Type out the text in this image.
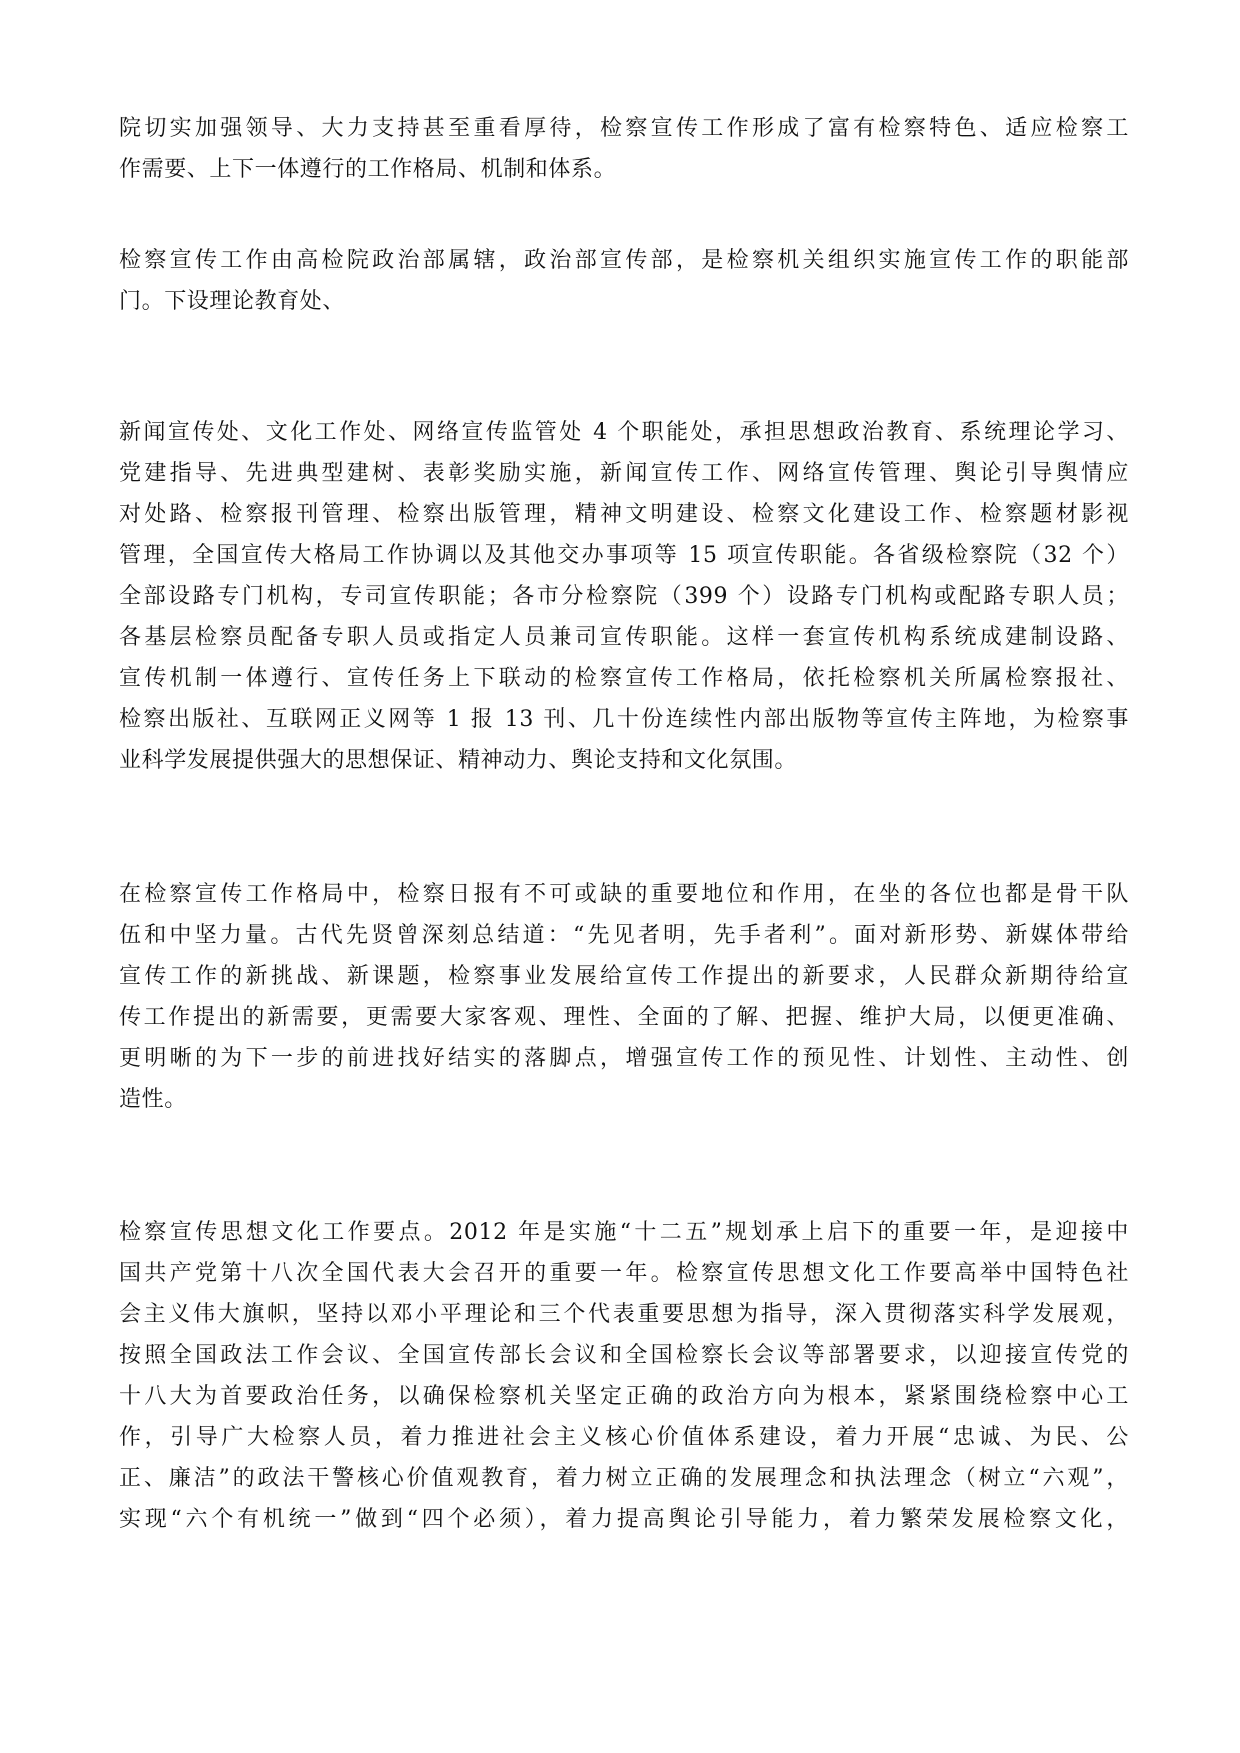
院切实加强领导、大力支持甚至重看厚待，检察宣传工作形成了富有检察特色、适应检察工
作需要、上下一体遵行的工作格局、机制和体系。
检察宣传工作由高检院政治部属辖，政治部宣传部，是检察机关组织实施宣传工作的职能部
门。下设理论教育处、
新闻宣传处、文化工作处、网络宣传监管处 4 个职能处，承担思想政治教育、系统理论学习、
党建指导、先进典型建树、表彰奖励实施，新闻宣传工作、网络宣传管理、舆论引导舆情应
对处路、检察报刊管理、检察出版管理，精神文明建设、检察文化建设工作、检察题材影视
管理，全国宣传大格局工作协调以及其他交办事项等 15 项宣传职能。各省级检察院（32 个）
全部设路专门机构，专司宣传职能；各市分检察院（399 个）设路专门机构或配路专职人员；
各基层检察员配备专职人员或指定人员兼司宣传职能。这样一套宣传机构系统成建制设路、
宣传机制一体遵行、宣传任务上下联动的检察宣传工作格局，依托检察机关所属检察报社、
检察出版社、互联网正义网等 1 报 13 刊、几十份连续性内部出版物等宣传主阵地，为检察事
业科学发展提供强大的思想保证、精神动力、舆论支持和文化氛围。
在检察宣传工作格局中，检察日报有不可或缺的重要地位和作用，在坐的各位也都是骨干队
伍和中坚力量。古代先贤曾深刻总结道：“先见者明，先手者利”。面对新形势、新媒体带给
宣传工作的新挑战、新课题，检察事业发展给宣传工作提出的新要求，人民群众新期待给宣
传工作提出的新需要，更需要大家客观、理性、全面的了解、把握、维护大局，以便更准确、
更明晰的为下一步的前进找好结实的落脚点，增强宣传工作的预见性、计划性、主动性、创
造性。
检察宣传思想文化工作要点。2012 年是实施“十二五”规划承上启下的重要一年，是迎接中
国共产党第十八次全国代表大会召开的重要一年。检察宣传思想文化工作要高举中国特色社
会主义伟大旗帜，坚持以邓小平理论和三个代表重要思想为指导，深入贯彻落实科学发展观，
按照全国政法工作会议、全国宣传部长会议和全国检察长会议等部署要求，以迎接宣传党的
十八大为首要政治任务，以确保检察机关坚定正确的政治方向为根本，紧紧围绕检察中心工
作，引导广大检察人员，着力推进社会主义核心价值体系建设，着力开展“忠诚、为民、公
正、廉洁”的政法干警核心价值观教育，着力树立正确的发展理念和执法理念（树立“六观”，
实现“六个有机统一”做到“四个必须），着力提高舆论引导能力，着力繁荣发展检察文化，
